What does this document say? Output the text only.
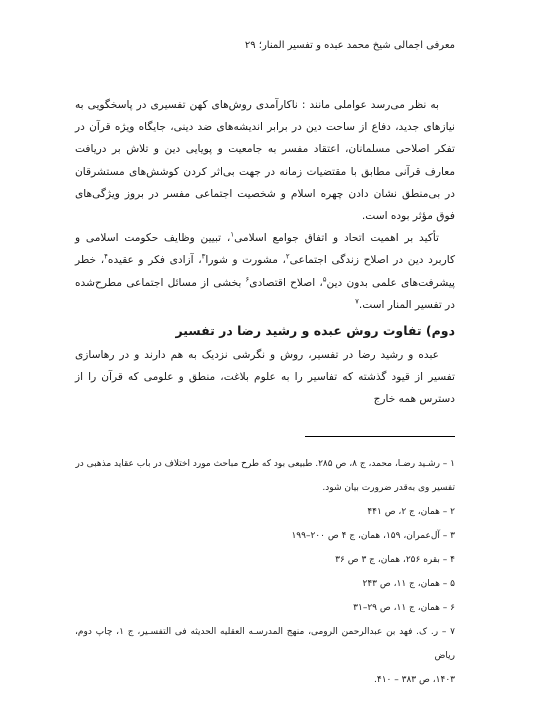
معرفی اجمالی شیخ محمد عبده و تفسیر المنار؛ ۲۹

به نظر می‌رسد عواملی مانند : ناکارآمدی روش‌های کهن تفسیری در پاسخگویی به نیازهای جدید، دفاع از ساحت دین در برابر اندیشه‌های ضد دینی، جایگاه ویژه قرآن در تفکر اصلاحی مسلمانان، اعتقاد مفسر به جامعیت و پویایی دین و تلاش بر دریافت معارف قرآنی مطابق با مقتضیات زمانه در جهت بی‌اثر کردن کوشش‌های مستشرقان در بی‌منطق نشان دادن چهره اسلام و شخصیت اجتماعی مفسر در بروز ویژگی‌های فوق مؤثر بوده است.

تأکید بر اهمیت اتحاد و اتفاق جوامع اسلامی$^۱$، تبیین وظایف حکومت اسلامی و کاربرد دین در اصلاح زندگی اجتماعی$^۲$، مشورت و شورا$^۳$، آزادی فکر و عقیده$^۴$، خطر پیشرفت‌های علمی بدون دین$^۵$، اصلاح اقتصادی$^۶$ بخشی از مسائل اجتماعی مطرح‌شده در تفسیر المنار است.$^۷$

دوم) تفاوت روش عبده و رشید رضا در تفسیر

عبده و رشید رضا در تفسیر، روش و نگرشی نزدیک به هم دارند و در رهاسازی تفسیر از قیود گذشته که تفاسیر را به علوم بلاغت، منطق و علومی که قرآن را از دسترس همه خارج

۱ – رشـید رضـا، محمد، ج ۸، ص ۲۸۵. طبیعی بود که طرح مباحث مورد اختلاف در باب عقاید مذهبی در
تفسیر وی به‌قدر ضرورت بیان شود.
۲ – همان، ج ۲، ص ۴۴۱
۳ – آل‌عمران، ۱۵۹، همان، ج ۴ ص ۲۰۰–۱۹۹
۴ – بقره ۲۵۶، همان، ج ۳ ص ۳۶
۵ – همان، ج ۱۱، ص ۲۴۳
۶ – همان، ج ۱۱، ص ۲۹–۳۱
۷ – ر. ک. فهد بن عبدالرحمن الرومی، منهج المدرسـه العقلیه الحدیثه فی التفسـیر، ج ۱، چاپ دوم، ریاض
۱۴۰۳، ص ۳۸۳ – ۴۱۰.
